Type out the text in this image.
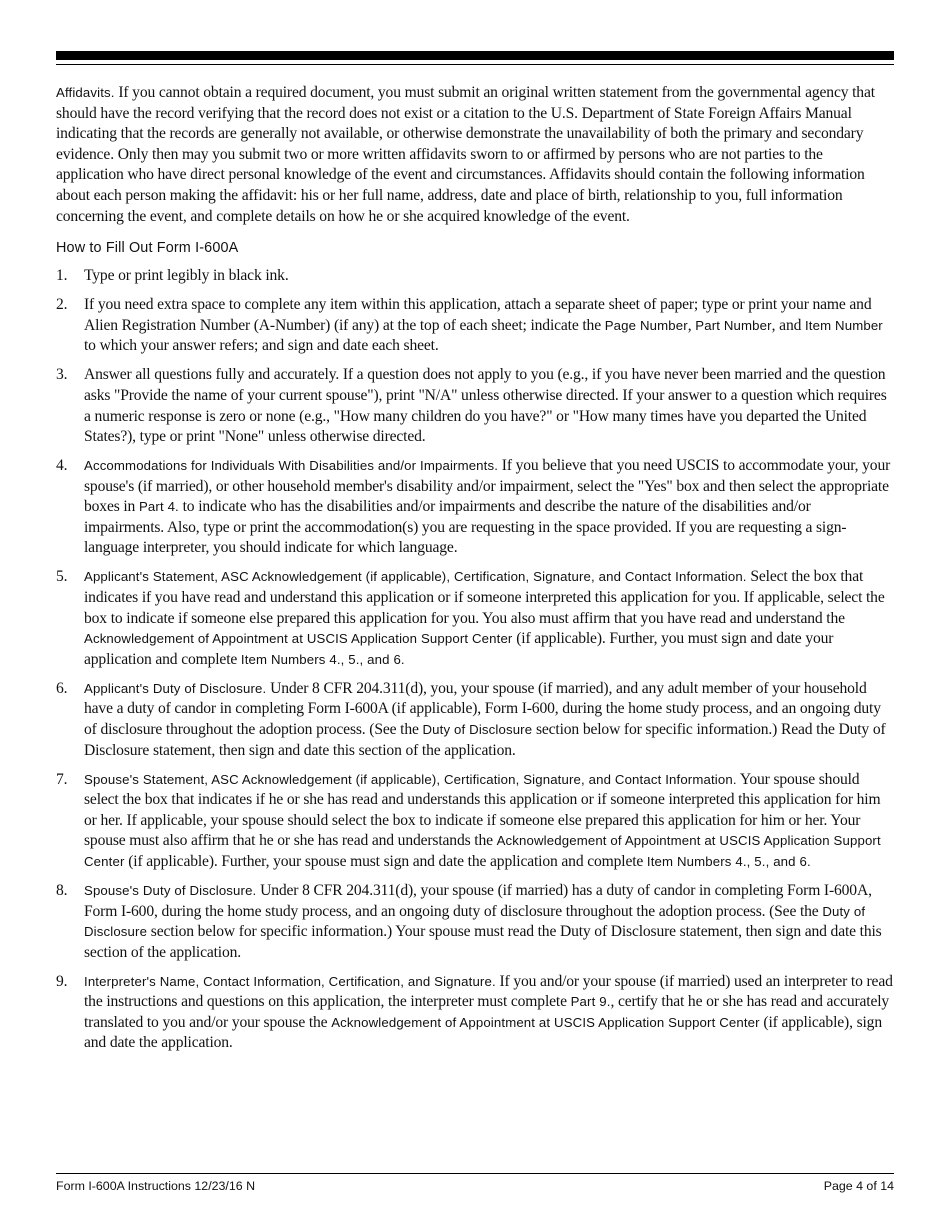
Affidavits. If you cannot obtain a required document, you must submit an original written statement from the governmental agency that should have the record verifying that the record does not exist or a citation to the U.S. Department of State Foreign Affairs Manual indicating that the records are generally not available, or otherwise demonstrate the unavailability of both the primary and secondary evidence. Only then may you submit two or more written affidavits sworn to or affirmed by persons who are not parties to the application who have direct personal knowledge of the event and circumstances. Affidavits should contain the following information about each person making the affidavit: his or her full name, address, date and place of birth, relationship to you, full information concerning the event, and complete details on how he or she acquired knowledge of the event.

How to Fill Out Form I-600A
1. Type or print legibly in black ink.
2. If you need extra space to complete any item within this application, attach a separate sheet of paper; type or print your name and Alien Registration Number (A-Number) (if any) at the top of each sheet; indicate the Page Number, Part Number, and Item Number to which your answer refers; and sign and date each sheet.
3. Answer all questions fully and accurately. If a question does not apply to you (e.g., if you have never been married and the question asks "Provide the name of your current spouse"), print "N/A" unless otherwise directed. If your answer to a question which requires a numeric response is zero or none (e.g., "How many children do you have?" or "How many times have you departed the United States?), type or print "None" unless otherwise directed.
4. Accommodations for Individuals With Disabilities and/or Impairments. If you believe that you need USCIS to accommodate your, your spouse's (if married), or other household member's disability and/or impairment, select the "Yes" box and then select the appropriate boxes in Part 4. to indicate who has the disabilities and/or impairments and describe the nature of the disabilities and/or impairments. Also, type or print the accommodation(s) you are requesting in the space provided. If you are requesting a sign-language interpreter, you should indicate for which language.
5. Applicant's Statement, ASC Acknowledgement (if applicable), Certification, Signature, and Contact Information. Select the box that indicates if you have read and understand this application or if someone interpreted this application for you. If applicable, select the box to indicate if someone else prepared this application for you. You also must affirm that you have read and understand the Acknowledgement of Appointment at USCIS Application Support Center (if applicable). Further, you must sign and date your application and complete Item Numbers 4., 5., and 6.
6. Applicant's Duty of Disclosure. Under 8 CFR 204.311(d), you, your spouse (if married), and any adult member of your household have a duty of candor in completing Form I-600A (if applicable), Form I-600, during the home study process, and an ongoing duty of disclosure throughout the adoption process. (See the Duty of Disclosure section below for specific information.) Read the Duty of Disclosure statement, then sign and date this section of the application.
7. Spouse's Statement, ASC Acknowledgement (if applicable), Certification, Signature, and Contact Information. Your spouse should select the box that indicates if he or she has read and understands this application or if someone interpreted this application for him or her. If applicable, your spouse should select the box to indicate if someone else prepared this application for him or her. Your spouse must also affirm that he or she has read and understands the Acknowledgement of Appointment at USCIS Application Support Center (if applicable). Further, your spouse must sign and date the application and complete Item Numbers 4., 5., and 6.
8. Spouse's Duty of Disclosure. Under 8 CFR 204.311(d), your spouse (if married) has a duty of candor in completing Form I-600A, Form I-600, during the home study process, and an ongoing duty of disclosure throughout the adoption process. (See the Duty of Disclosure section below for specific information.) Your spouse must read the Duty of Disclosure statement, then sign and date this section of the application.
9. Interpreter's Name, Contact Information, Certification, and Signature. If you and/or your spouse (if married) used an interpreter to read the instructions and questions on this application, the interpreter must complete Part 9., certify that he or she has read and accurately translated to you and/or your spouse the Acknowledgement of Appointment at USCIS Application Support Center (if applicable), sign and date the application.
Form I-600A Instructions 12/23/16 N	Page 4 of 14
